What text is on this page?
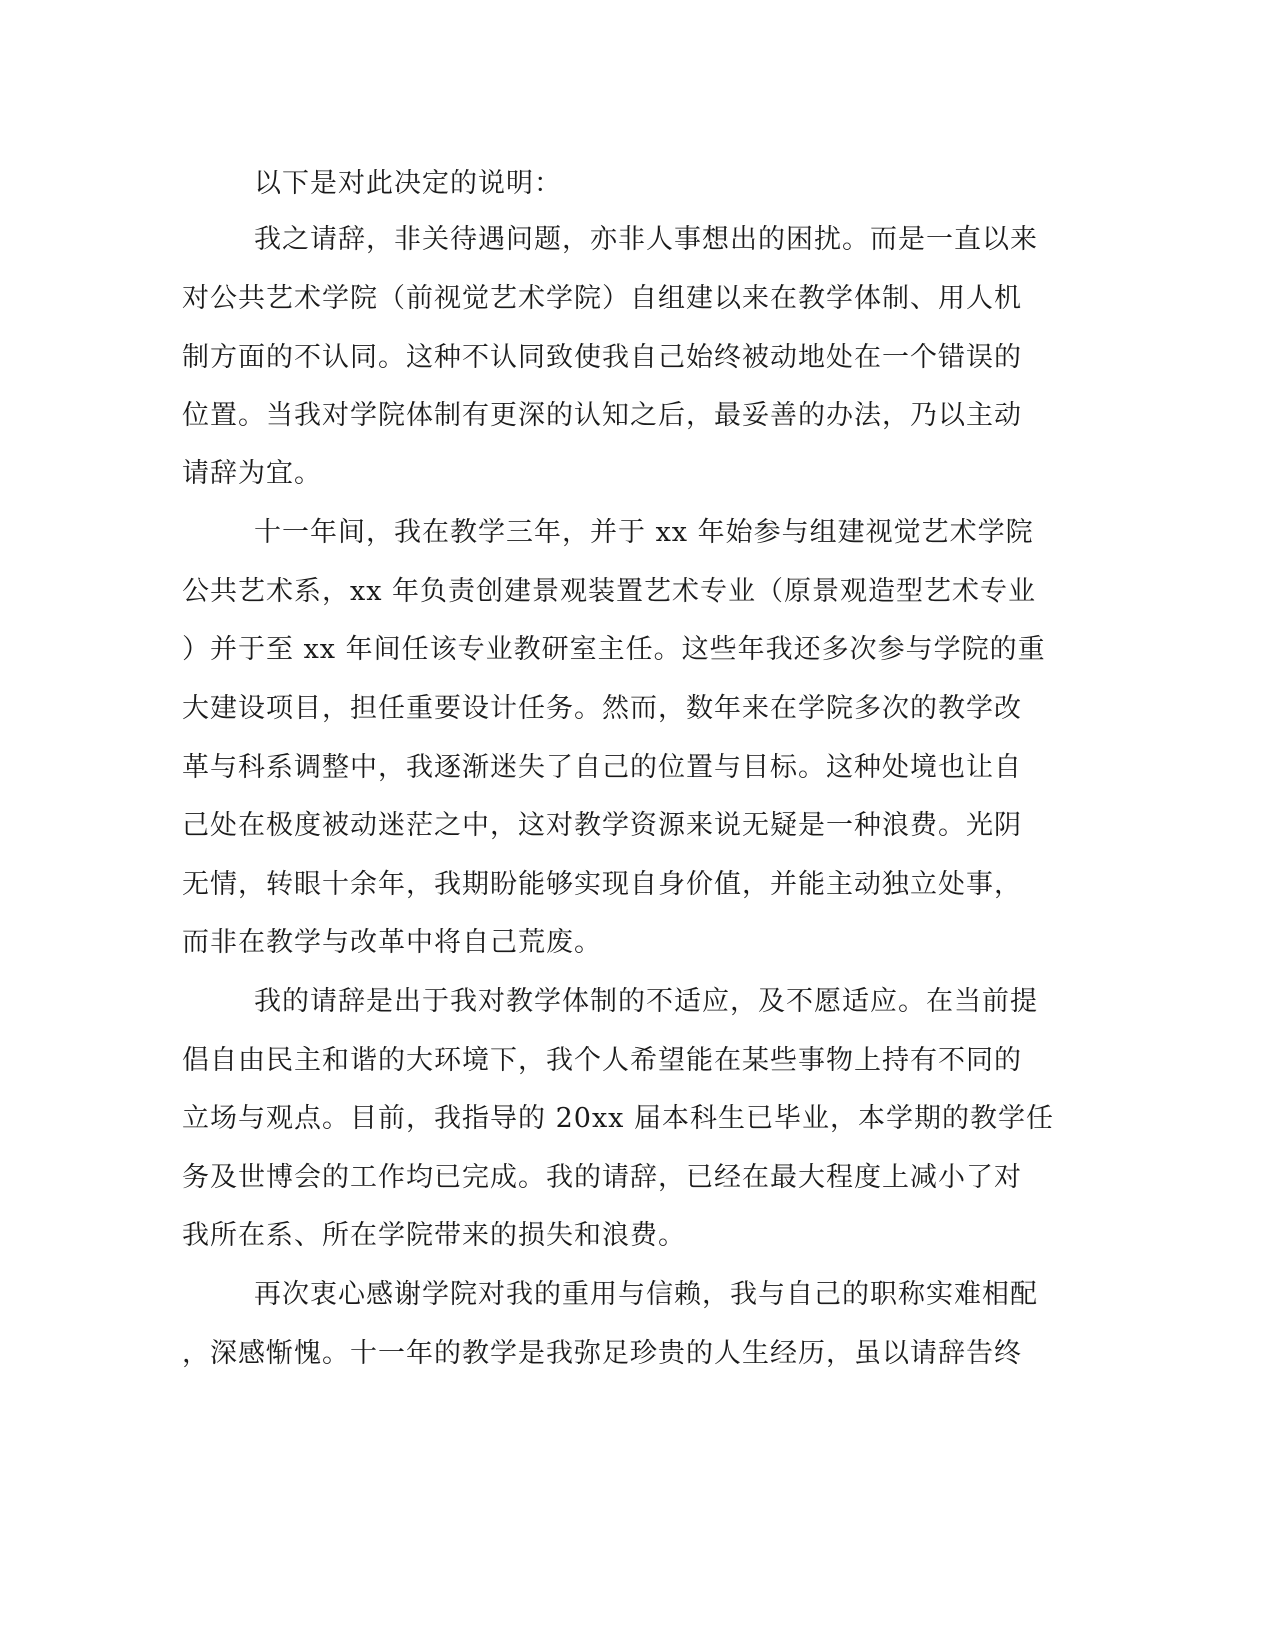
以下是对此决定的说明：
我之请辞，非关待遇问题，亦非人事想出的困扰。而是一直以来
对公共艺术学院（前视觉艺术学院）自组建以来在教学体制、用人机
制方面的不认同。这种不认同致使我自己始终被动地处在一个错误的
位置。当我对学院体制有更深的认知之后，最妥善的办法，乃以主动
请辞为宜。
十一年间，我在教学三年，并于 xx 年始参与组建视觉艺术学院
公共艺术系，xx 年负责创建景观装置艺术专业（原景观造型艺术专业
）并于至 xx 年间任该专业教研室主任。这些年我还多次参与学院的重
大建设项目，担任重要设计任务。然而，数年来在学院多次的教学改
革与科系调整中，我逐渐迷失了自己的位置与目标。这种处境也让自
己处在极度被动迷茫之中，这对教学资源来说无疑是一种浪费。光阴
无情，转眼十余年，我期盼能够实现自身价值，并能主动独立处事，
而非在教学与改革中将自己荒废。
我的请辞是出于我对教学体制的不适应，及不愿适应。在当前提
倡自由民主和谐的大环境下，我个人希望能在某些事物上持有不同的
立场与观点。目前，我指导的 20xx 届本科生已毕业，本学期的教学任
务及世博会的工作均已完成。我的请辞，已经在最大程度上减小了对
我所在系、所在学院带来的损失和浪费。
再次衷心感谢学院对我的重用与信赖，我与自己的职称实难相配
，深感惭愧。十一年的教学是我弥足珍贵的人生经历，虽以请辞告终
